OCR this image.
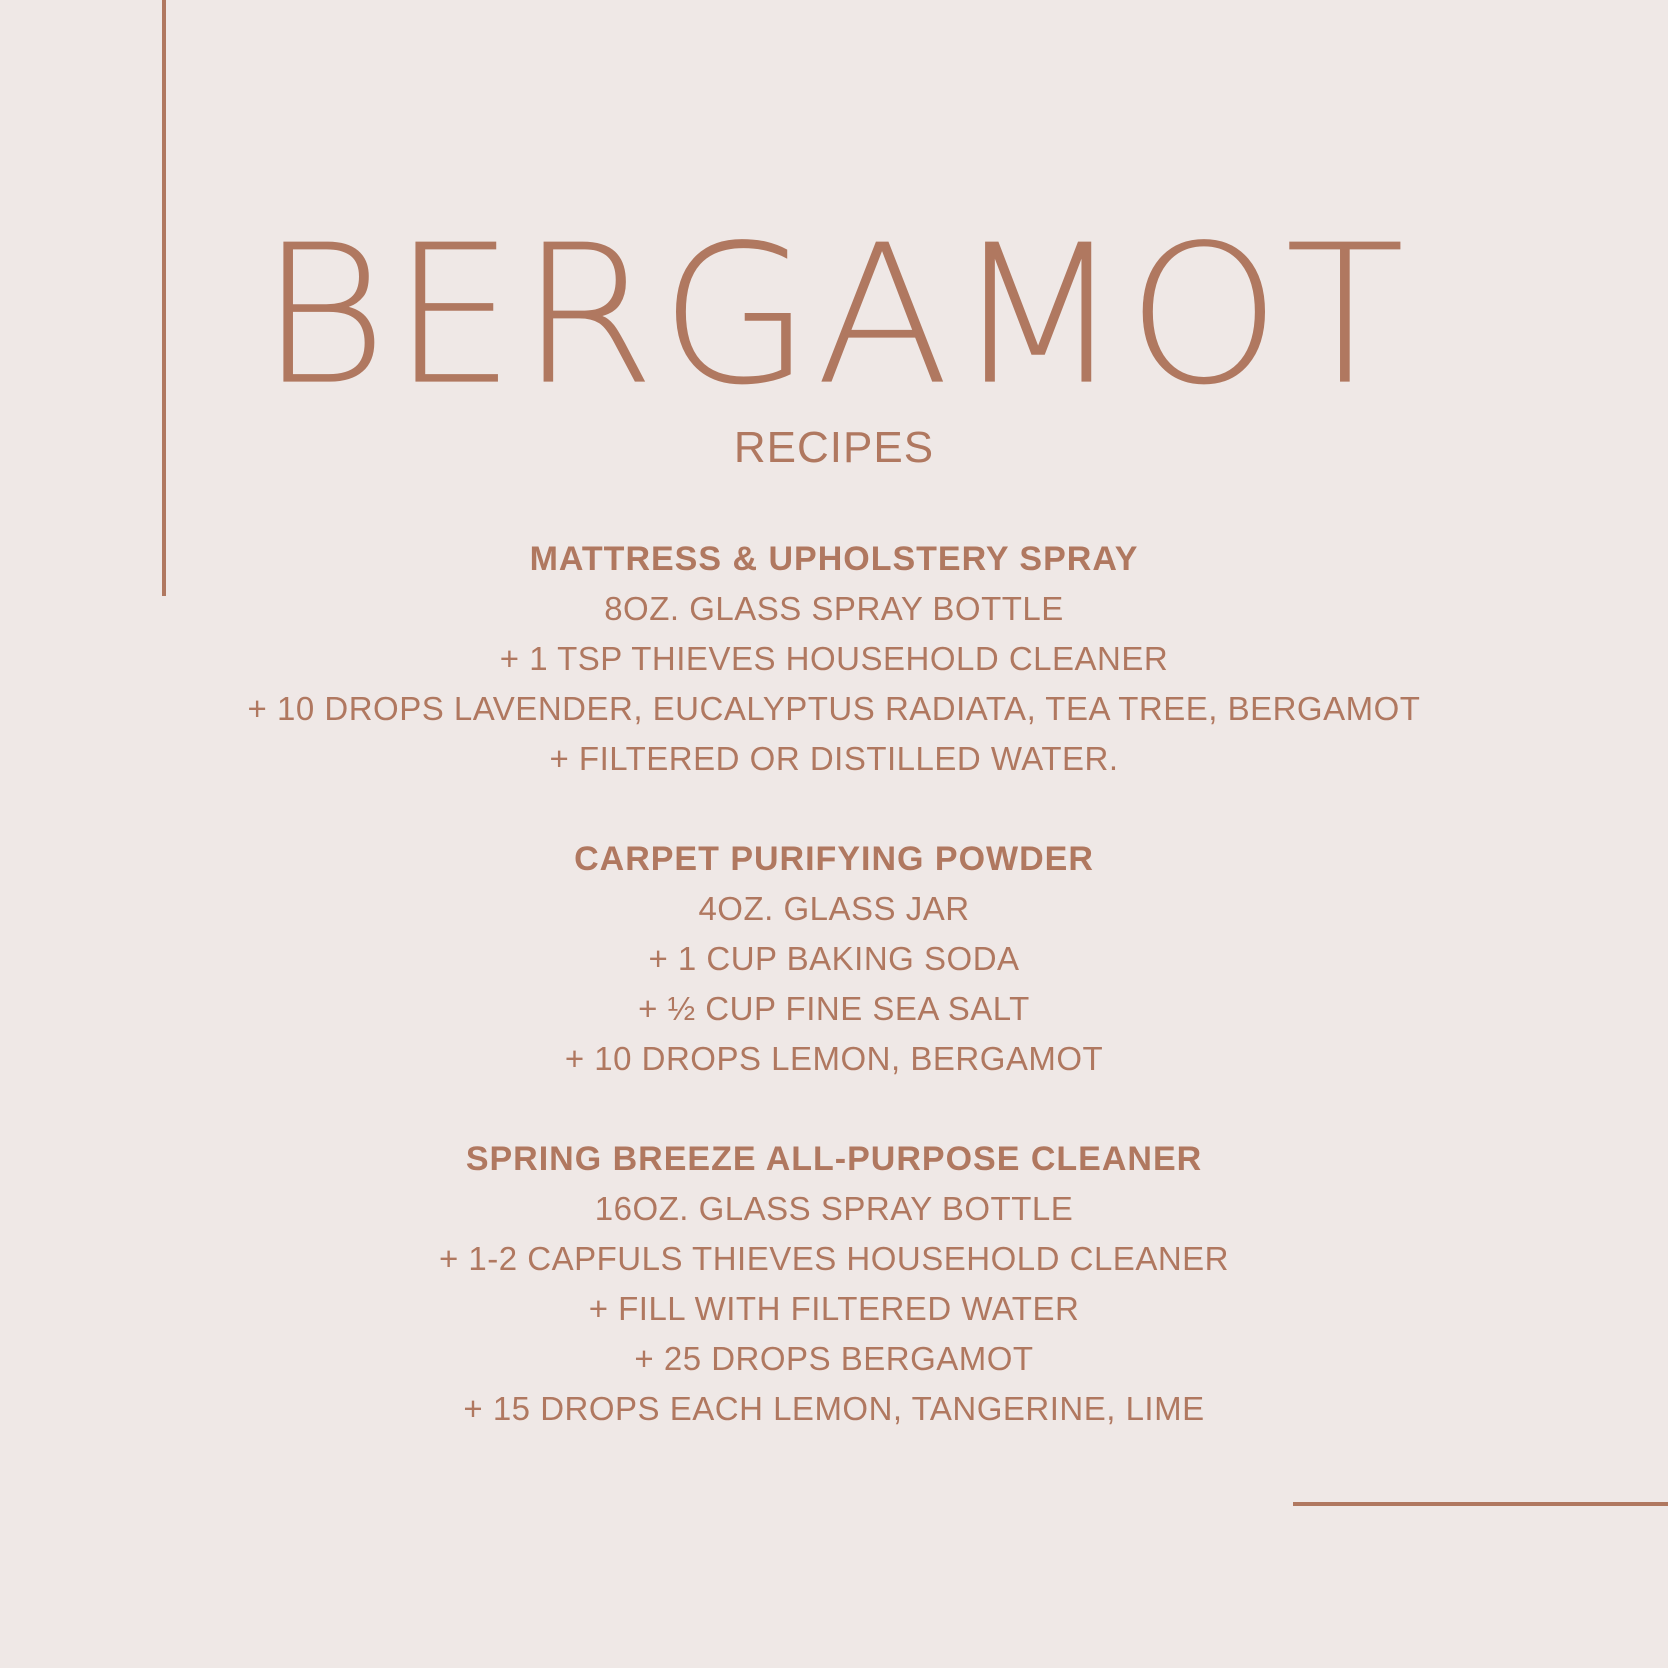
BERGAMOT
RECIPES

MATTRESS & UPHOLSTERY SPRAY

8OZ. GLASS SPRAY BOTTLE

+ 1 TSP THIEVES HOUSEHOLD CLEANER

+ 10 DROPS LAVENDER, EUCALYPTUS RADIATA, TEA TREE, BERGAMOT

+ FILTERED OR DISTILLED WATER.

CARPET PURIFYING POWDER

4OZ. GLASS JAR

+ 1 CUP BAKING SODA

+ ½ CUP FINE SEA SALT

+ 10 DROPS LEMON, BERGAMOT

SPRING BREEZE ALL-PURPOSE CLEANER

16OZ. GLASS SPRAY BOTTLE

+ 1-2 CAPFULS THIEVES HOUSEHOLD CLEANER

+ FILL WITH FILTERED WATER

+ 25 DROPS BERGAMOT

+ 15 DROPS EACH LEMON, TANGERINE, LIME
